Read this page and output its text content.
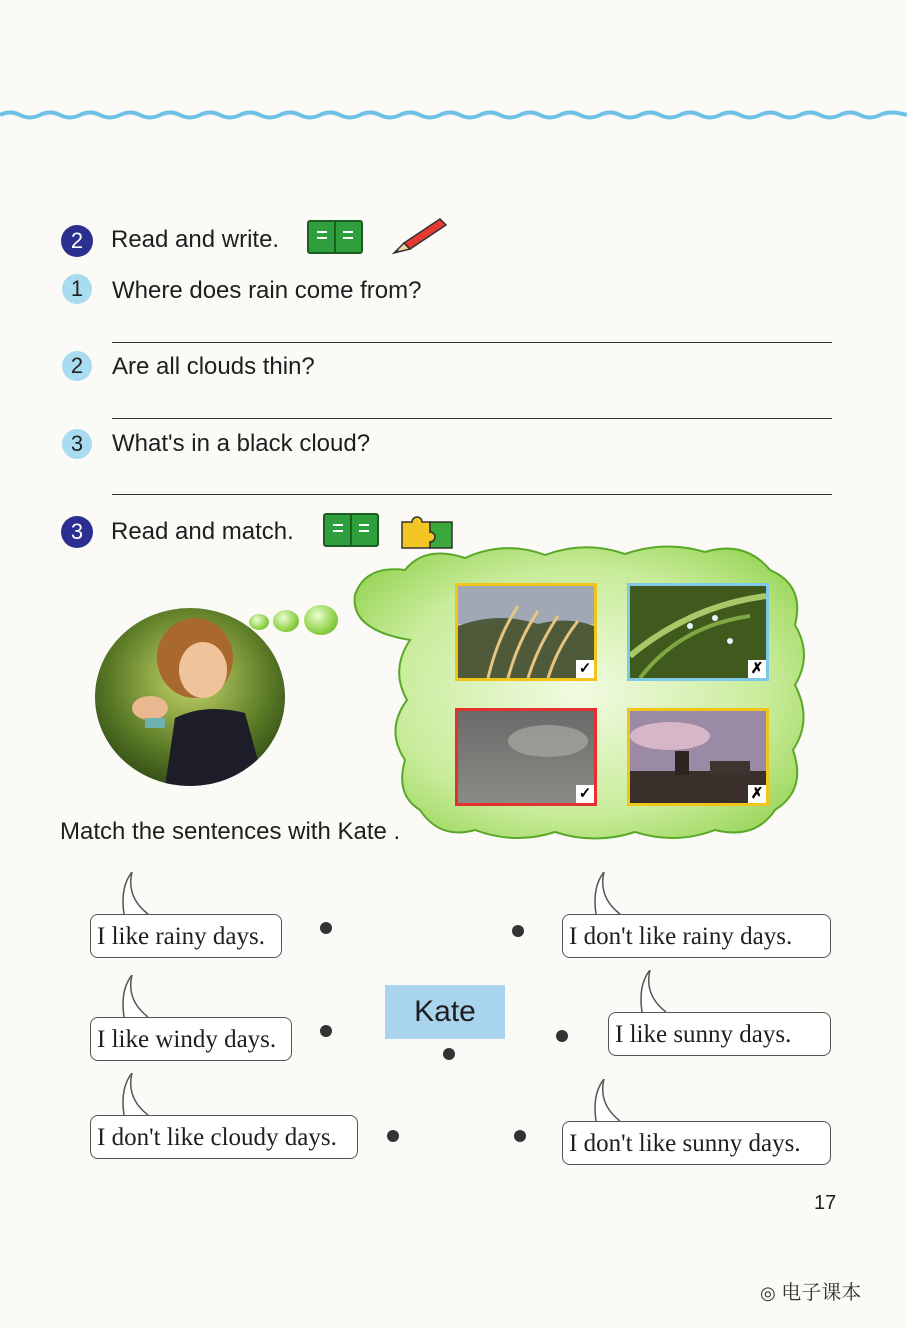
2	Read and write.
1	Where does rain come from?
2	Are all clouds thin?
3	What's in a black cloud?
3	Read and match.
✓	✗
✓	✗
Match the sentences with Kate .
I like rainy days.
I like windy days.
I don't like cloudy days.
I don't like rainy days.
I like sunny days.
I don't like sunny days.
Kate
17
◎ 电子课本
